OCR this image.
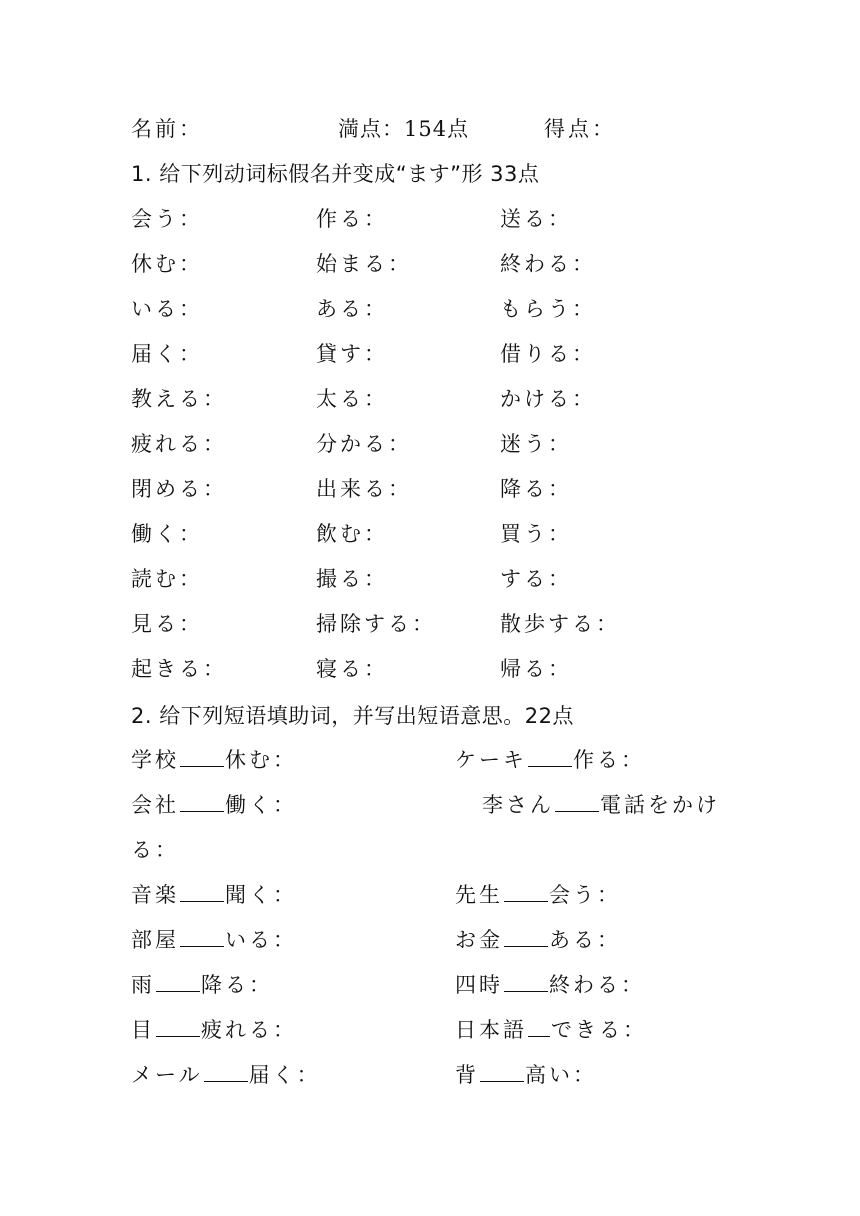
名前：	満点：154点	得点：
1. 给下列动词标假名并变成“ます”形 33点
会う：	作る：	送る：
休む：	始まる：	終わる：
いる：	ある：	もらう：
届く：	貸す：	借りる：
教える：	太る：	かける：
疲れる：	分かる：	迷う：
閉める：	出来る：	降る：
働く：	飲む：	買う：
読む：	撮る：	する：
見る：	掃除する：	散歩する：
起きる：	寝る：	帰る：
2. 给下列短语填助词，并写出短语意思。22点
学校 休む：	ケーキ 作る：
会社 働く：	李さん 電話をかけ
る：
音楽 聞く：	先生 会う：
部屋 いる：	お金 ある：
雨 降る：	四時 終わる：
目 疲れる：	日本語 できる：
メール 届く：	背 高い：
